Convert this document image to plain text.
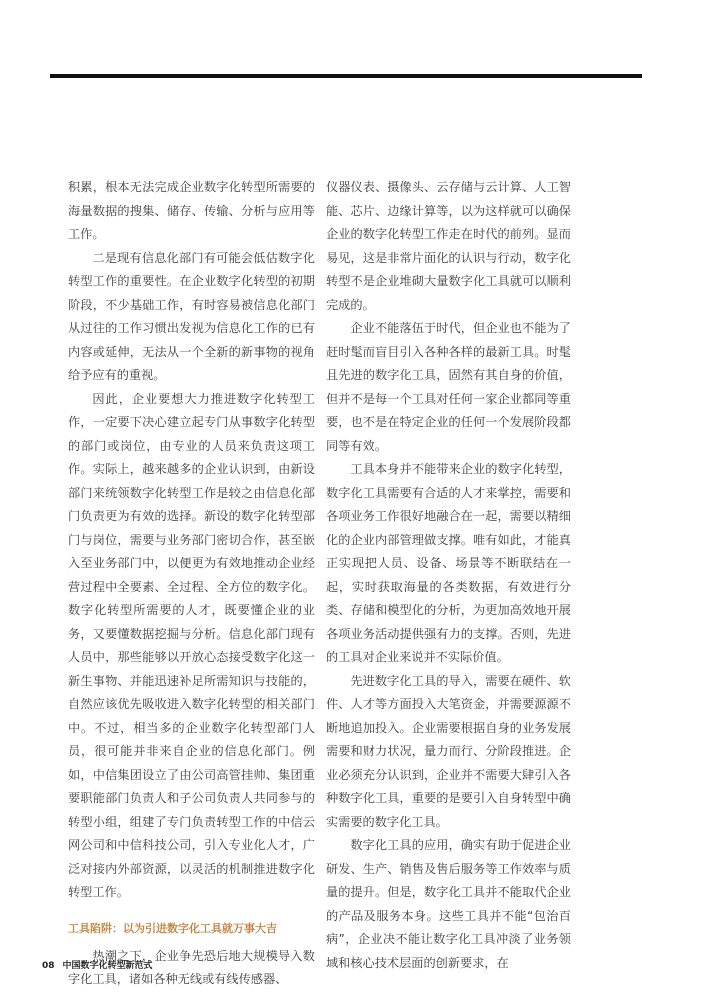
积累，根本无法完成企业数字化转型所需要的海量数据的搜集、储存、传输、分析与应用等工作。

二是现有信息化部门有可能会低估数字化转型工作的重要性。在企业数字化转型的初期阶段，不少基础工作，有时容易被信息化部门从过往的工作习惯出发视为信息化工作的已有内容或延伸，无法从一个全新的新事物的视角给予应有的重视。

因此，企业要想大力推进数字化转型工作，一定要下决心建立起专门从事数字化转型的部门或岗位，由专业的人员来负责这项工作。实际上，越来越多的企业认识到，由新设部门来统领数字化转型工作是较之由信息化部门负责更为有效的选择。新设的数字化转型部门与岗位，需要与业务部门密切合作，甚至嵌入至业务部门中，以便更为有效地推动企业经营过程中全要素、全过程、全方位的数字化。数字化转型所需要的人才，既要懂企业的业务，又要懂数据挖掘与分析。信息化部门现有人员中，那些能够以开放心态接受数字化这一新生事物、并能迅速补足所需知识与技能的，自然应该优先吸收进入数字化转型的相关部门中。不过，相当多的企业数字化转型部门人员，很可能并非来自企业的信息化部门。例如，中信集团设立了由公司高管挂帅、集团重要职能部门负责人和子公司负责人共同参与的转型小组，组建了专门负责转型工作的中信云网公司和中信科技公司，引入专业化人才，广泛对接内外部资源，以灵活的机制推进数字化转型工作。

工具陷阱：以为引进数字化工具就万事大吉

热潮之下，企业争先恐后地大规模导入数字化工具，诸如各种无线或有线传感器、

仪器仪表、摄像头、云存储与云计算、人工智能、芯片、边缘计算等，以为这样就可以确保企业的数字化转型工作走在时代的前列。显而易见，这是非常片面化的认识与行动，数字化转型不是企业堆砌大量数字化工具就可以顺利完成的。

企业不能落伍于时代，但企业也不能为了赶时髦而盲目引入各种各样的最新工具。时髦且先进的数字化工具，固然有其自身的价值，但并不是每一个工具对任何一家企业都同等重要，也不是在特定企业的任何一个发展阶段都同等有效。

工具本身并不能带来企业的数字化转型，数字化工具需要有合适的人才来掌控，需要和各项业务工作很好地融合在一起，需要以精细化的企业内部管理做支撑。唯有如此，才能真正实现把人员、设备、场景等不断联结在一起，实时获取海量的各类数据，有效进行分类、存储和模型化的分析，为更加高效地开展各项业务活动提供强有力的支撑。否则，先进的工具对企业来说并不实际价值。

先进数字化工具的导入，需要在硬件、软件、人才等方面投入大笔资金，并需要源源不断地追加投入。企业需要根据自身的业务发展需要和财力状况，量力而行、分阶段推进。企业必须充分认识到，企业并不需要大肆引入各种数字化工具，重要的是要引入自身转型中确实需要的数字化工具。

数字化工具的应用，确实有助于促进企业研发、生产、销售及售后服务等工作效率与质量的提升。但是，数字化工具并不能取代企业的产品及服务本身。这些工具并不能“包治百病”，企业决不能让数字化工具冲淡了业务领域和核心技术层面的创新要求，在

08 中国数字化转型新范式
